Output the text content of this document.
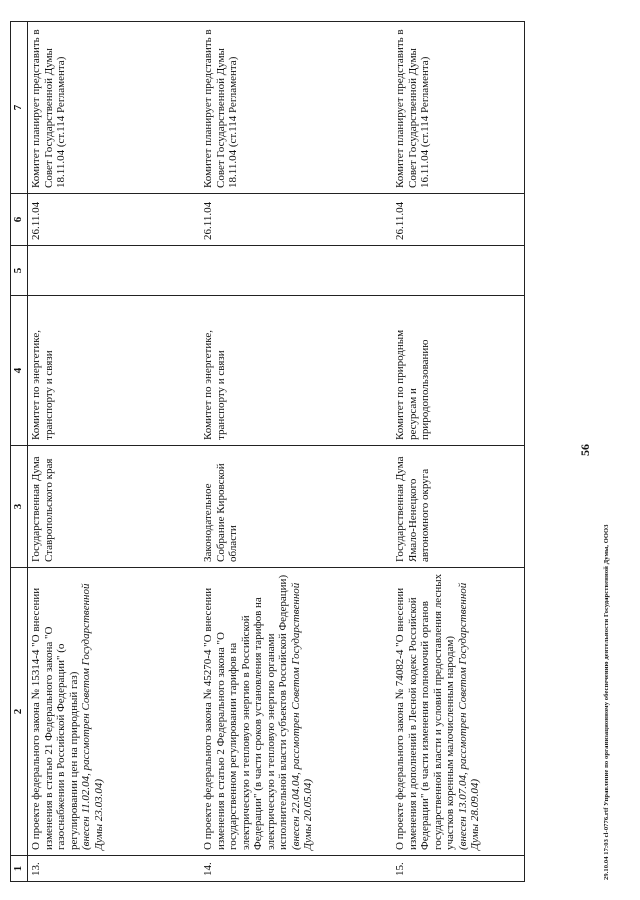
56
1	2	3	4	5	6	7
13.	О проекте федерального закона № 15314-4 "О внесении изменения в статью 21 Федерального закона "О газоснабжении в Российской Федерации" (о регулировании цен на природный газ) (внесен 11.02.04, рассмотрен Советом Государственной Думы 23.03.04)	Государственная Дума Ставропольского края	Комитет по энергетике, транспорту и связи		26.11.04	Комитет планирует представить в Совет Государственной Думы 18.11.04 (ст.114 Регламента)
14.	О проекте федерального закона № 45270-4 "О внесении изменения в статью 2 Федерального закона "О государственном регулировании тарифов на электрическую и тепловую энергию в Российской Федерации" (в части сроков установления тарифов на электрическую и тепловую энергию органами исполнительной власти субъектов Российской Федерации) (внесен 22.04.04, рассмотрен Советом Государственной Думы 20.05.04)	Законодательное Собрание Кировской области	Комитет по энергетике, транспорту и связи		26.11.04	Комитет планирует представить в Совет Государственной Думы 18.11.04 (ст.114 Регламента)
15.	О проекте федерального закона № 74082-4 "О внесении изменения и дополнений в Лесной кодекс Российской Федерации" (в части изменения полномочий органов государственной власти и условий предоставления лесных участков коренным малочисленным народам) (внесен 13.07.04, рассмотрен Советом Государственной Думы 28.09.04)	Государственная Дума Ямало-Ненецкого автономного округа	Комитет по природным ресурсам и природопользованию		26.11.04	Комитет планирует представить в Совет Государственной Думы 16.11.04 (ст.114 Регламента)
29.10.04 17:03 сl-0776.rtf Управление по организационному обеспечению деятельности Государственной Думы, ООО3
